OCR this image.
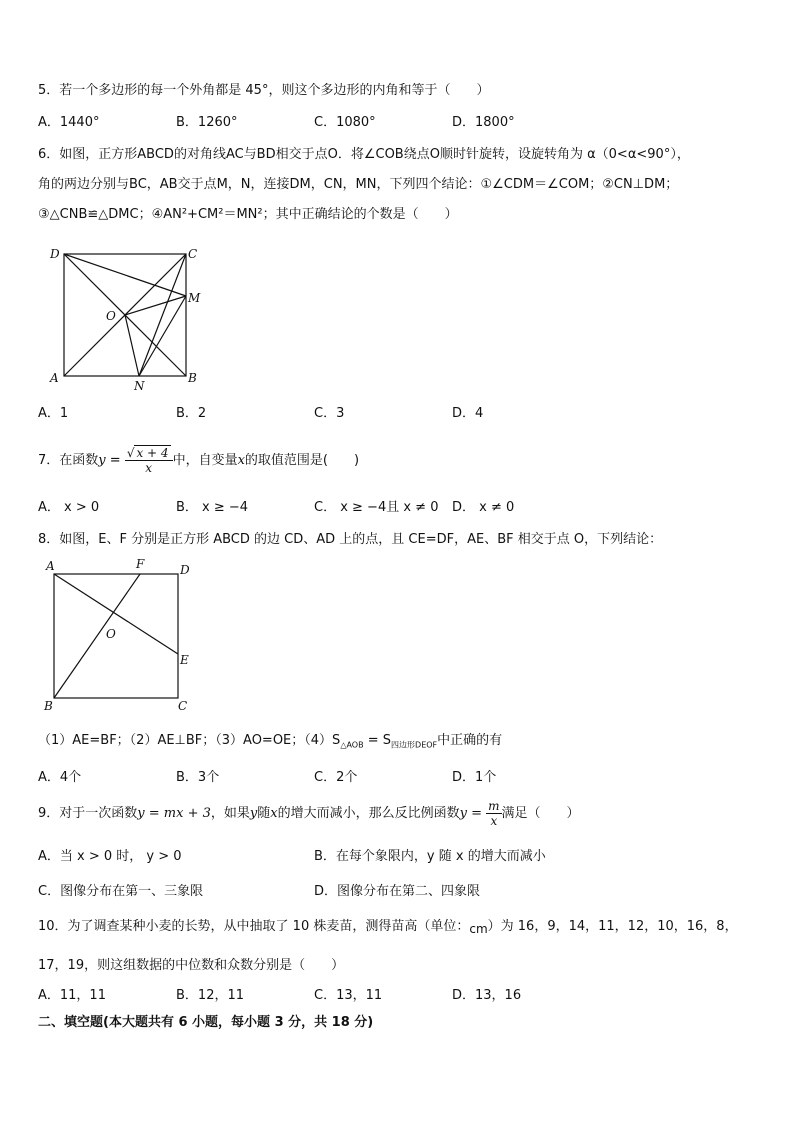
5．若一个多边形的每一个外角都是 45°，则这个多边形的内角和等于（　　）
A．1440°	B．1260°	C．1080°	D．1800°
6．如图，正方形ABCD的对角线AC与BD相交于点O．将∠COB绕点O顺时针旋转，设旋转角为 α（0<α<90°），
角的两边分别与BC，AB交于点M，N，连接DM，CN，MN，下列四个结论：①∠CDM＝∠COM；②CN⊥DM；
③△CNB≌△DMC；④AN²+CM²＝MN²；其中正确结论的个数是（　　）
D	C
M
O
A
N
B
A．1	B．2	C．3	D．4
7．在函数$y = \frac{√ x + 4}{x}$ 中，自变量x的取值范围是(　　)
A． x > 0	B． x ≥ −4	C． x ≥ −4且 x ≠ 0 D． x ≠ 0
8．如图，E、F 分别是正方形 ABCD 的边 CD、AD 上的点，且 CE=DF，AE、BF 相交于点 O，下列结论：
A	F	D
O
E
B	C
（1）AE=BF；（2）AE⊥BF；（3）AO=OE；$(4)S_{\triangle AOB} = S_{四边形DEOF}$中正确的有
A．4个	B．3个	C．2个	D．1个
9．对于一次函数y = mx + 3，如果y随x的增大而减小，那么反比例函数$y = \frac{m}{x}$ 满足（　　）
A．当 x > 0 时， y > 0	B．在每个象限内，y 随 x 的增大而减小
C．图像分布在第一、三象限	D．图像分布在第二、四象限
10．为了调查某种小麦的长势，从中抽取了 10 株麦苗，测得苗高（单位：cm）为 16，9，14，11，12，10，16，8，
17，19，则这组数据的中位数和众数分别是（　　）
A．11，11	B．12，11	C．13，11	D．13，16
二、填空题(本大题共有 6 小题，每小题 3 分，共 18 分)
